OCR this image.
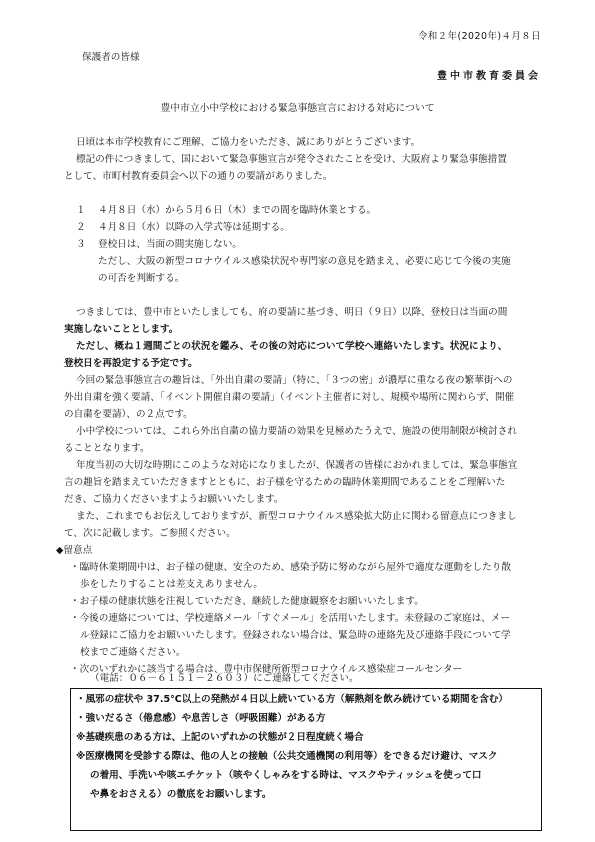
令和２年(2020年)４月８日
保護者の皆様
豊中市教育委員会
豊中市立小中学校における緊急事態宣言における対応について
日頃は本市学校教育にご理解、ご協力をいただき、誠にありがとうございます。
標記の件につきまして、国において緊急事態宣言が発令されたことを受け、大阪府より緊急事態措置
として、市町村教育委員会へ以下の通りの要請がありました。
１ ４月８日（水）から５月６日（木）までの間を臨時休業とする。
２ ４月８日（水）以降の入学式等は延期する。
３ 登校日は、当面の間実施しない。
ただし、大阪の新型コロナウイルス感染状況や専門家の意見を踏まえ、必要に応じて今後の実施
の可否を判断する。
つきましては、豊中市といたしましても、府の要請に基づき、明日（９日）以降、登校日は当面の間
実施しないこととします。
ただし、概ね１週間ごとの状況を鑑み、その後の対応について学校へ連絡いたします。状況により、
登校日を再設定する予定です。
今回の緊急事態宣言の趣旨は、「外出自粛の要請」（特に、「３つの密」が濃厚に重なる夜の繁華街への
外出自粛を強く要請、「イベント開催自粛の要請」（イベント主催者に対し、規模や場所に関わらず、開催
の自粛を要請）、の２点です。
小中学校については、これら外出自粛の協力要請の効果を見極めたうえで、施設の使用制限が検討され
ることとなります。
年度当初の大切な時期にこのような対応になりましたが、保護者の皆様におかれましては、緊急事態宣
言の趣旨を踏まえていただきますとともに、お子様を守るための臨時休業期間であることをご理解いた
だき、ご協力くださいますようお願いいたします。
また、これまでもお伝えしておりますが、新型コロナウイルス感染拡大防止に関わる留意点につきまし
て、次に記載します。ご参照ください。
◆留意点
・臨時休業期間中は、お子様の健康、安全のため、感染予防に努めながら屋外で適度な運動をしたり散
歩をしたりすることは差支えありません。
・お子様の健康状態を注視していただき、継続した健康観察をお願いいたします。
・今後の連絡については、学校連絡メール「すぐメール」を活用いたします。未登録のご家庭は、メー
ル登録にご協力をお願いいたします。登録されない場合は、緊急時の連絡先及び連絡手段について学
校までご連絡ください。
・次のいずれかに該当する場合は、豊中市保健所新型コロナウイルス感染症コールセンター
（電話：０６－６１５１－２６０３）にご連絡してください。
・風邪の症状や 37.5℃以上の発熱が４日以上続いている方（解熱剤を飲み続けている期間を含む）
・強いだるさ（倦怠感）や息苦しさ（呼吸困難）がある方
※基礎疾患のある方は、上記のいずれかの状態が２日程度続く場合
※医療機関を受診する際は、他の人との接触（公共交通機関の利用等）をできるだけ避け、マスク
の着用、手洗いや咳エチケット（咳やくしゃみをする時は、マスクやティッシュを使って口
や鼻をおさえる）の徹底をお願いします。
